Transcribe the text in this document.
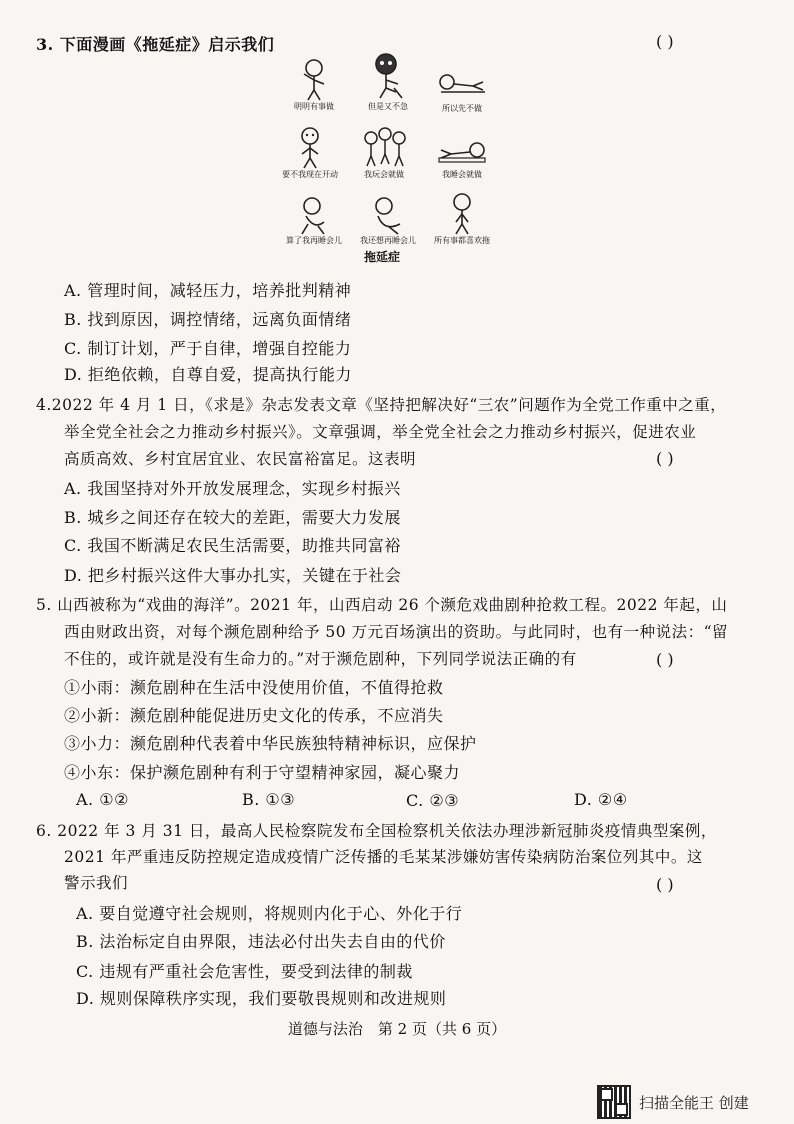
3. 下面漫画《拖延症》启示我们	( )
明明有事做	但是又不急	所以先不做
要不我现在开动	我玩会就做	我睡会就做
算了我再睡会儿	我还想再睡会儿	所有事都喜欢拖
拖延症
A. 管理时间，减轻压力，培养批判精神
B. 找到原因，调控情绪，远离负面情绪
C. 制订计划，严于自律，增强自控能力
D. 拒绝依赖，自尊自爱，提高执行能力
4.2022 年 4 月 1 日，《求是》杂志发表文章《坚持把解决好“三农”问题作为全党工作重中之重，
举全党全社会之力推动乡村振兴》。文章强调，举全党全社会之力推动乡村振兴，促进农业
高质高效、乡村宜居宜业、农民富裕富足。这表明	( )
A. 我国坚持对外开放发展理念，实现乡村振兴
B. 城乡之间还存在较大的差距，需要大力发展
C. 我国不断满足农民生活需要，助推共同富裕
D. 把乡村振兴这件大事办扎实，关键在于社会
5. 山西被称为“戏曲的海洋”。2021 年，山西启动 26 个濒危戏曲剧种抢救工程。2022 年起，山
西由财政出资，对每个濒危剧种给予 50 万元百场演出的资助。与此同时，也有一种说法：“留
不住的，或许就是没有生命力的。”对于濒危剧种，下列同学说法正确的有	( )
①小雨：濒危剧种在生活中没使用价值，不值得抢救
②小新：濒危剧种能促进历史文化的传承，不应消失
③小力：濒危剧种代表着中华民族独特精神标识，应保护
④小东：保护濒危剧种有利于守望精神家园，凝心聚力
A. ①②	B. ①③	C. ②③	D. ②④
6. 2022 年 3 月 31 日，最高人民检察院发布全国检察机关依法办理涉新冠肺炎疫情典型案例，
2021 年严重违反防控规定造成疫情广泛传播的毛某某涉嫌妨害传染病防治案位列其中。这
警示我们	( )
A. 要自觉遵守社会规则，将规则内化于心、外化于行
B. 法治标定自由界限，违法必付出失去自由的代价
C. 违规有严重社会危害性，要受到法律的制裁
D. 规则保障秩序实现，我们要敬畏规则和改进规则
道德与法治　第 2 页（共 6 页）
扫描全能王 创建
